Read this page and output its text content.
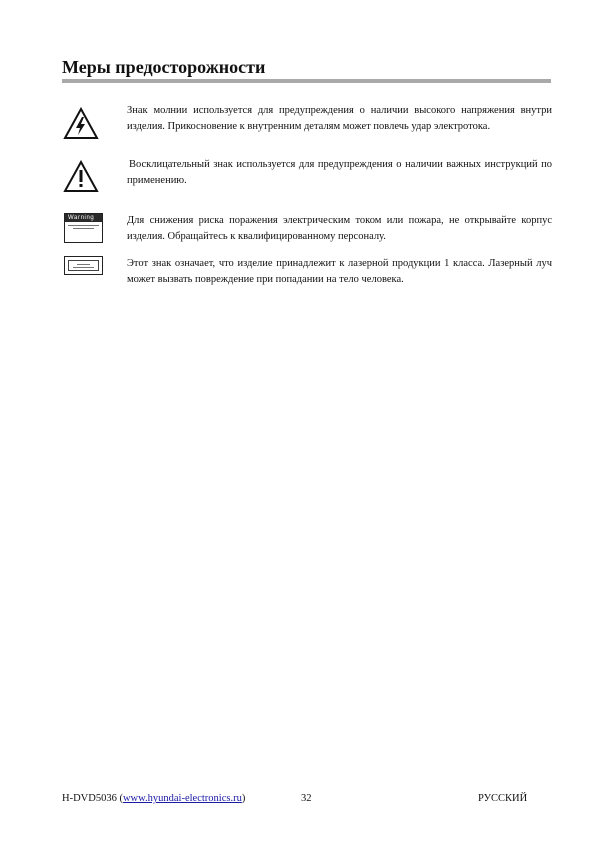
Меры предосторожности

Знак молнии используется для предупреждения о наличии высокого напряжения внутри изделия. Прикосновение к внутренним деталям может повлечь удар электротока.

Восклицательный знак используется для предупреждения о наличии важных инструкций по применению.

Warning	Для снижения риска поражения электрическим током или пожара, не открывайте корпус изделия. Обращайтесь к квалифицированному персоналу.

Этот знак означает, что изделие принадлежит к лазерной продукции 1 класса. Лазерный луч может вызвать повреждение при попадании на тело человека.

H-DVD5036 (www.hyundai-electronics.ru)	32	РУССКИЙ
